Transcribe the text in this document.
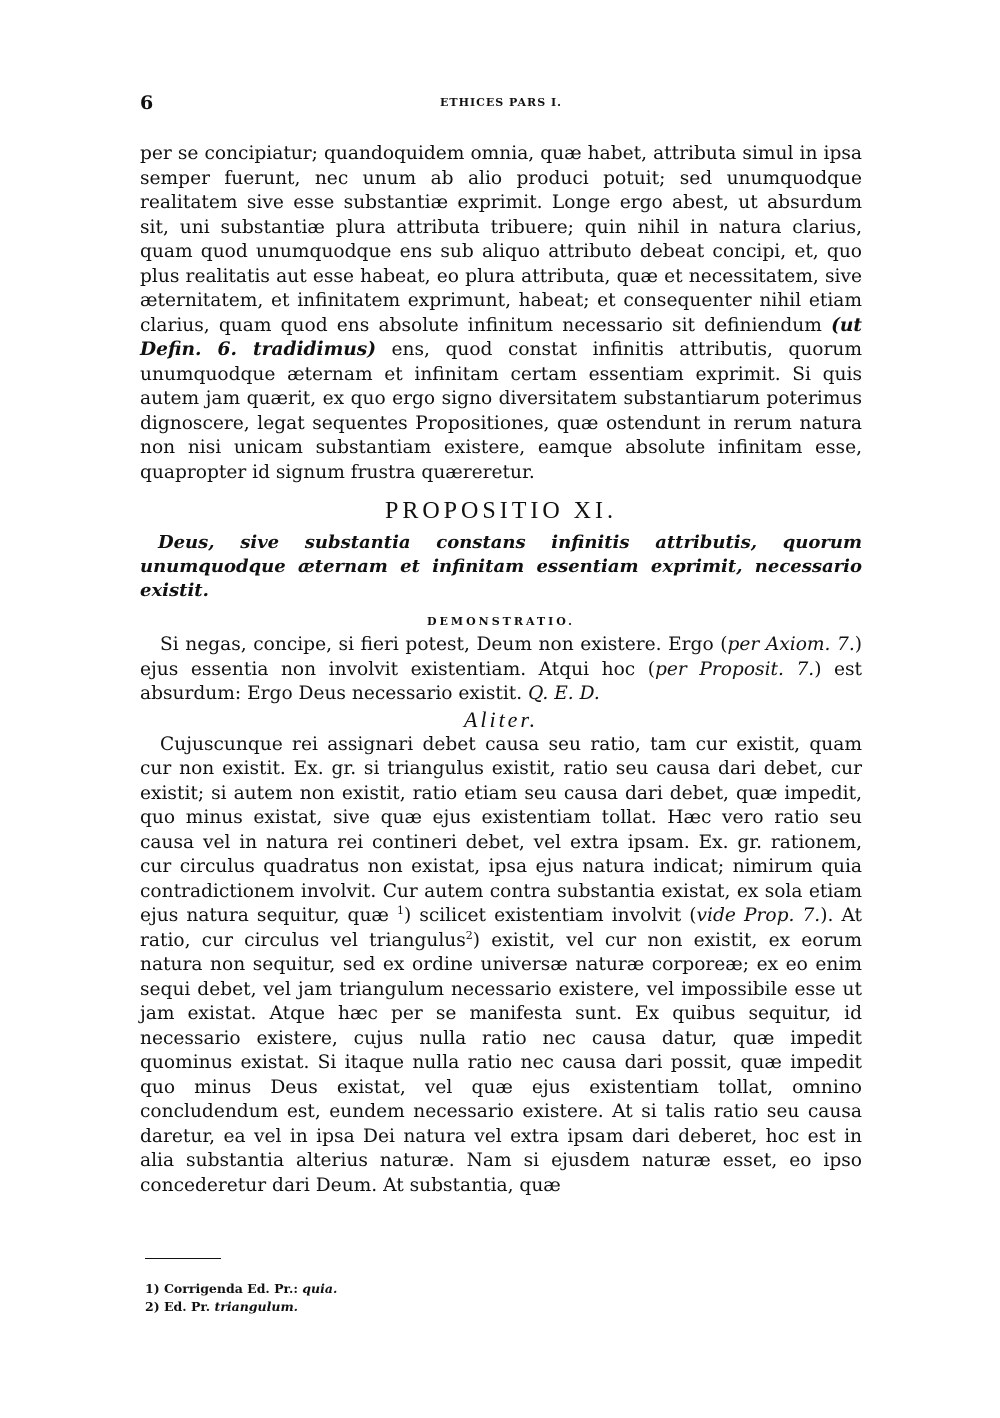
6	ETHICES PARS I.

per se concipiatur; quandoquidem omnia, quæ habet, attributa simul in ipsa semper fuerunt, nec unum ab alio produci potuit; sed unumquodque realitatem sive esse substantiæ exprimit. Longe ergo abest, ut absurdum sit, uni substantiæ plura attributa tribuere; quin nihil in natura clarius, quam quod unumquodque ens sub aliquo attributo debeat concipi, et, quo plus realitatis aut esse habeat, eo plura attributa, quæ et necessitatem, sive æternitatem, et infinitatem exprimunt, habeat; et consequenter nihil etiam clarius, quam quod ens absolute infinitum necessario sit definiendum (ut Defin. 6. tradidimus) ens, quod constat infinitis attributis, quorum unumquodque æternam et infinitam certam essentiam exprimit. Si quis autem jam quærit, ex quo ergo signo diversitatem substantiarum poterimus dignoscere, legat sequentes Propositiones, quæ ostendunt in rerum natura non nisi unicam substantiam existere, eamque absolute infinitam esse, quapropter id signum frustra quæreretur.

PROPOSITIO XI.

Deus, sive substantia constans infinitis attributis, quorum unumquodque æternam et infinitam essentiam exprimit, necessario existit.

DEMONSTRATIO.

Si negas, concipe, si fieri potest, Deum non existere. Ergo (per Axiom. 7.) ejus essentia non involvit existentiam. Atqui hoc (per Proposit. 7.) est absurdum: Ergo Deus necessario existit. Q. E. D.

Aliter.

Cujuscunque rei assignari debet causa seu ratio, tam cur existit, quam cur non existit. Ex. gr. si triangulus existit, ratio seu causa dari debet, cur existit; si autem non existit, ratio etiam seu causa dari debet, quæ impedit, quo minus existat, sive quæ ejus existentiam tollat. Hæc vero ratio seu causa vel in natura rei contineri debet, vel extra ipsam. Ex. gr. rationem, cur circulus quadratus non existat, ipsa ejus natura indicat; nimirum quia contradictionem involvit. Cur autem contra substantia existat, ex sola etiam ejus natura sequitur, quæ $^1$) scilicet existentiam involvit (vide Prop. 7.). At ratio, cur circulus vel triangulus$^2$) existit, vel cur non existit, ex eorum natura non sequitur, sed ex ordine universæ naturæ corporeæ; ex eo enim sequi debet, vel jam triangulum necessario existere, vel impossibile esse ut jam existat. Atque hæc per se manifesta sunt. Ex quibus sequitur, id necessario existere, cujus nulla ratio nec causa datur, quæ impedit quominus existat. Si itaque nulla ratio nec causa dari possit, quæ impedit quo minus Deus existat, vel quæ ejus existentiam tollat, omnino concludendum est, eundem necessario existere. At si talis ratio seu causa daretur, ea vel in ipsa Dei natura vel extra ipsam dari deberet, hoc est in alia substantia alterius naturæ. Nam si ejusdem naturæ esset, eo ipso concederetur dari Deum. At substantia, quæ

1) Corrigenda Ed. Pr.: quia.

2) Ed. Pr. triangulum.
